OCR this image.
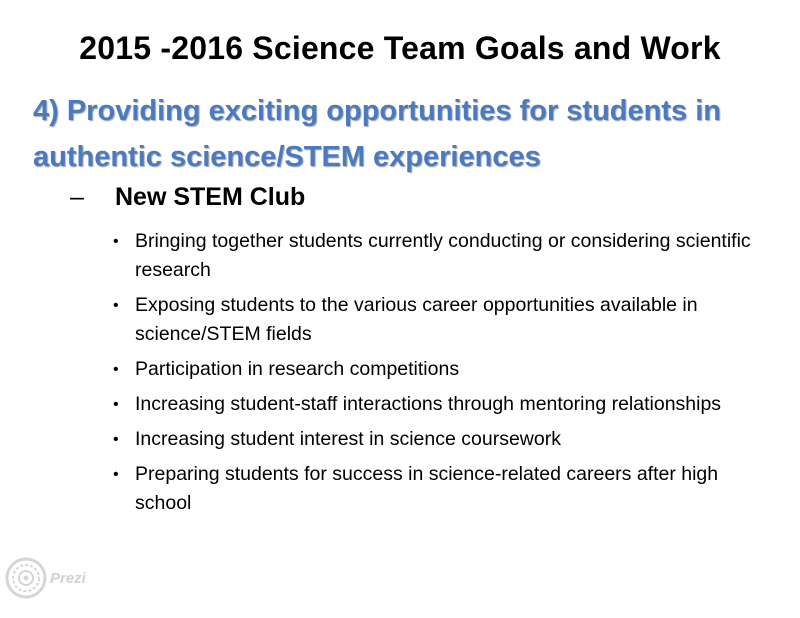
2015 -2016 Science Team Goals and Work

4) Providing exciting opportunities for students in authentic science/STEM experiences

–	New STEM Club
• Bringing together students currently conducting or considering scientific research
• Exposing students to the various career opportunities available in science/STEM fields
• Participation in research competitions
• Increasing student-staff interactions through mentoring relationships
• Increasing student interest in science coursework
• Preparing students for success in science-related careers after high school
Prezi
